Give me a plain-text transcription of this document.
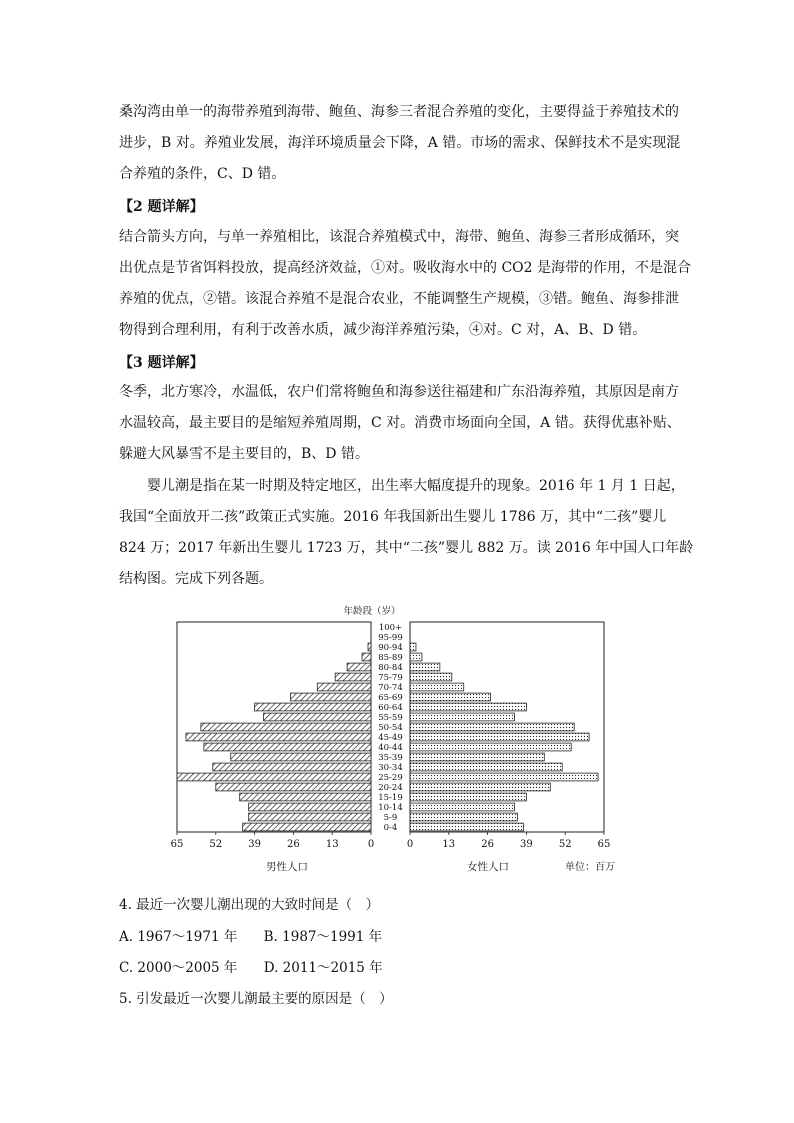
桑沟湾由单一的海带养殖到海带、鲍鱼、海参三者混合养殖的变化，主要得益于养殖技术的
进步，B 对。养殖业发展，海洋环境质量会下降，A 错。市场的需求、保鲜技术不是实现混
合养殖的条件，C、D 错。

【2 题详解】

结合箭头方向，与单一养殖相比，该混合养殖模式中，海带、鲍鱼、海参三者形成循环，突
出优点是节省饵料投放，提高经济效益，①对。吸收海水中的 CO2 是海带的作用，不是混合
养殖的优点，②错。该混合养殖不是混合农业，不能调整生产规模，③错。鲍鱼、海参排泄
物得到合理利用，有利于改善水质，减少海洋养殖污染，④对。C 对，A、B、D 错。

【3 题详解】

冬季，北方寒冷，水温低，农户们常将鲍鱼和海参送往福建和广东沿海养殖，其原因是南方
水温较高，最主要目的是缩短养殖周期，C 对。消费市场面向全国，A 错。获得优惠补贴、
躲避大风暴雪不是主要目的，B、D 错。

　　婴儿潮是指在某一时期及特定地区，出生率大幅度提升的现象。2016 年 1 月 1 日起，
我国“全面放开二孩”政策正式实施。2016 年我国新出生婴儿 1786 万，其中“二孩”婴儿
824 万；2017 年新出生婴儿 1723 万，其中“二孩”婴儿 882 万。读 2016 年中国人口年龄
结构图。完成下列各题。

年龄段（岁）
0-4
5-9
10-14
15-19
20-24
25-29
30-34
35-39
40-44
45-49
50-54
55-59
60-64
65-69
70-74
75-79
80-84
85-89
90-94
95-99
100+
65	52	39	26	13	0	0	13	26	39	52	65
男性人口	女性人口	单位：百万

4. 最近一次婴儿潮出现的大致时间是（　）

A. 1967～1971 年 B. 1987～1991 年

C. 2000～2005 年 D. 2011～2015 年

5. 引发最近一次婴儿潮最主要的原因是（　）
